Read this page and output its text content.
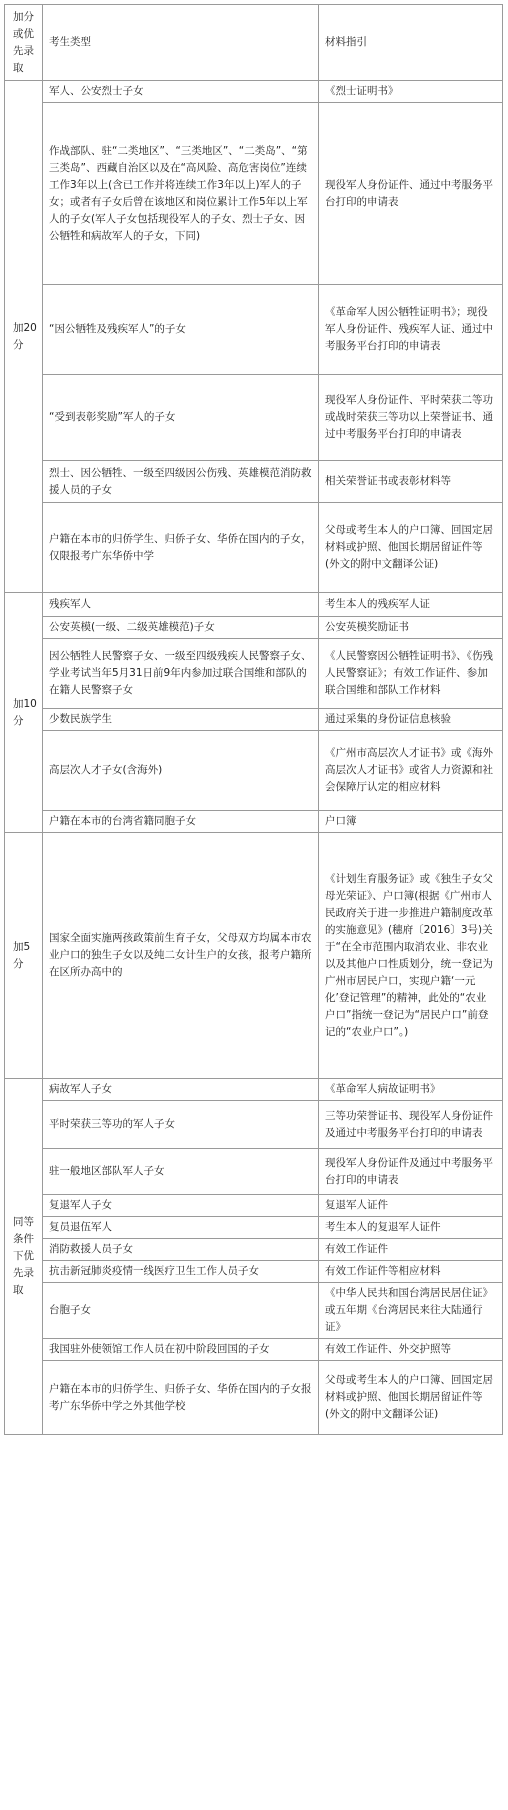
加分或优先录取	考生类型	材料指引
加20分	军人、公安烈士子女	《烈士证明书》
	作战部队、驻“二类地区”、“三类地区”、“二类岛”、“第三类岛”、西藏自治区以及在“高风险、高危害岗位”连续工作3年以上(含已工作并将连续工作3年以上)军人的子女；或者有子女后曾在该地区和岗位累计工作5年以上军人的子女(军人子女包括现役军人的子女、烈士子女、因公牺牲和病故军人的子女，下同)	现役军人身份证件、通过中考服务平台打印的申请表
	“因公牺牲及残疾军人”的子女	《革命军人因公牺牲证明书》；现役军人身份证件、残疾军人证、通过中考服务平台打印的申请表
	“受到表彰奖励”军人的子女	现役军人身份证件、平时荣获二等功或战时荣获三等功以上荣誉证书、通过中考服务平台打印的申请表
	烈士、因公牺牲、一级至四级因公伤残、英雄模范消防救援人员的子女	相关荣誉证书或表彰材料等
	户籍在本市的归侨学生、归侨子女、华侨在国内的子女，仅限报考广东华侨中学	父母或考生本人的户口簿、回国定居材料或护照、他国长期居留证件等(外文的附中文翻译公证)
加10分	残疾军人	考生本人的残疾军人证
	公安英模(一级、二级英雄模范)子女	公安英模奖励证书
	因公牺牲人民警察子女、一级至四级残疾人民警察子女、学业考试当年5月31日前9年内参加过联合国维和部队的在籍人民警察子女	《人民警察因公牺牲证明书》、《伤残人民警察证》；有效工作证件、参加联合国维和部队工作材料
	少数民族学生	通过采集的身份证信息核验
	高层次人才子女(含海外)	《广州市高层次人才证书》或《海外高层次人才证书》或省人力资源和社会保障厅认定的相应材料
	户籍在本市的台湾省籍同胞子女	户口簿
加5分	国家全面实施两孩政策前生育子女，父母双方均属本市农业户口的独生子女以及纯二女计生户的女孩，报考户籍所在区所办高中的	《计划生育服务证》或《独生子女父母光荣证》、户口簿(根据《广州市人民政府关于进一步推进户籍制度改革的实施意见》(穗府〔2016〕3号)关于“在全市范围内取消农业、非农业以及其他户口性质划分，统一登记为广州市居民户口，实现户籍‘一元化’登记管理”的精神，此处的“农业户口”指统一登记为“居民户口”前登记的“农业户口”。)
同等条件下优先录取	病故军人子女	《革命军人病故证明书》
	平时荣获三等功的军人子女	三等功荣誉证书、现役军人身份证件及通过中考服务平台打印的申请表
	驻一般地区部队军人子女	现役军人身份证件及通过中考服务平台打印的申请表
	复退军人子女	复退军人证件
	复员退伍军人	考生本人的复退军人证件
	消防救援人员子女	有效工作证件
	抗击新冠肺炎疫情一线医疗卫生工作人员子女	有效工作证件等相应材料
	台胞子女	《中华人民共和国台湾居民居住证》或五年期《台湾居民来往大陆通行证》
	我国驻外使领馆工作人员在初中阶段回国的子女	有效工作证件、外交护照等
	户籍在本市的归侨学生、归侨子女、华侨在国内的子女报考广东华侨中学之外其他学校	父母或考生本人的户口簿、回国定居材料或护照、他国长期居留证件等(外文的附中文翻译公证)
